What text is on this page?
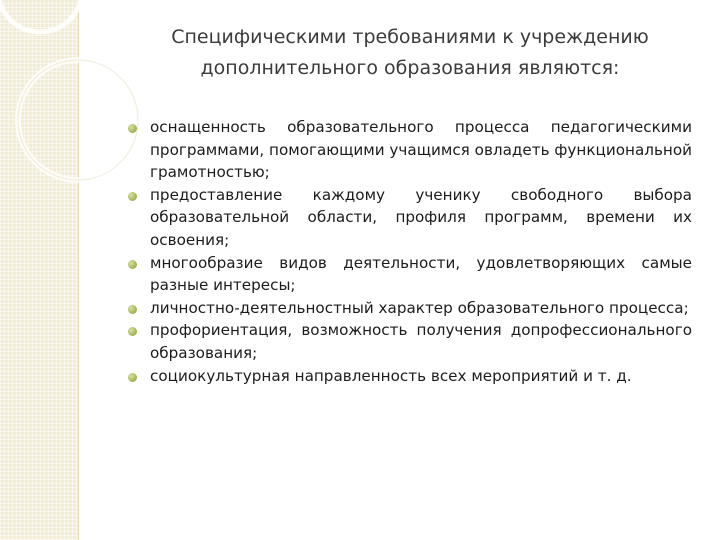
Специфическими требованиями к учреждению дополнительного образования являются:
оснащенность образовательного процесса педагогическими программами, помогающими учащимся овладеть функциональной грамотностью;
предоставление каждому ученику свободного выбора образовательной области, профиля программ, времени их освоения;
многообразие видов деятельности, удовлетворяющих самые разные интересы;
личностно-деятельностный характер образовательного процесса;
профориентация, возможность получения допрофессионального образования;
социокультурная направленность всех мероприятий и т. д.
